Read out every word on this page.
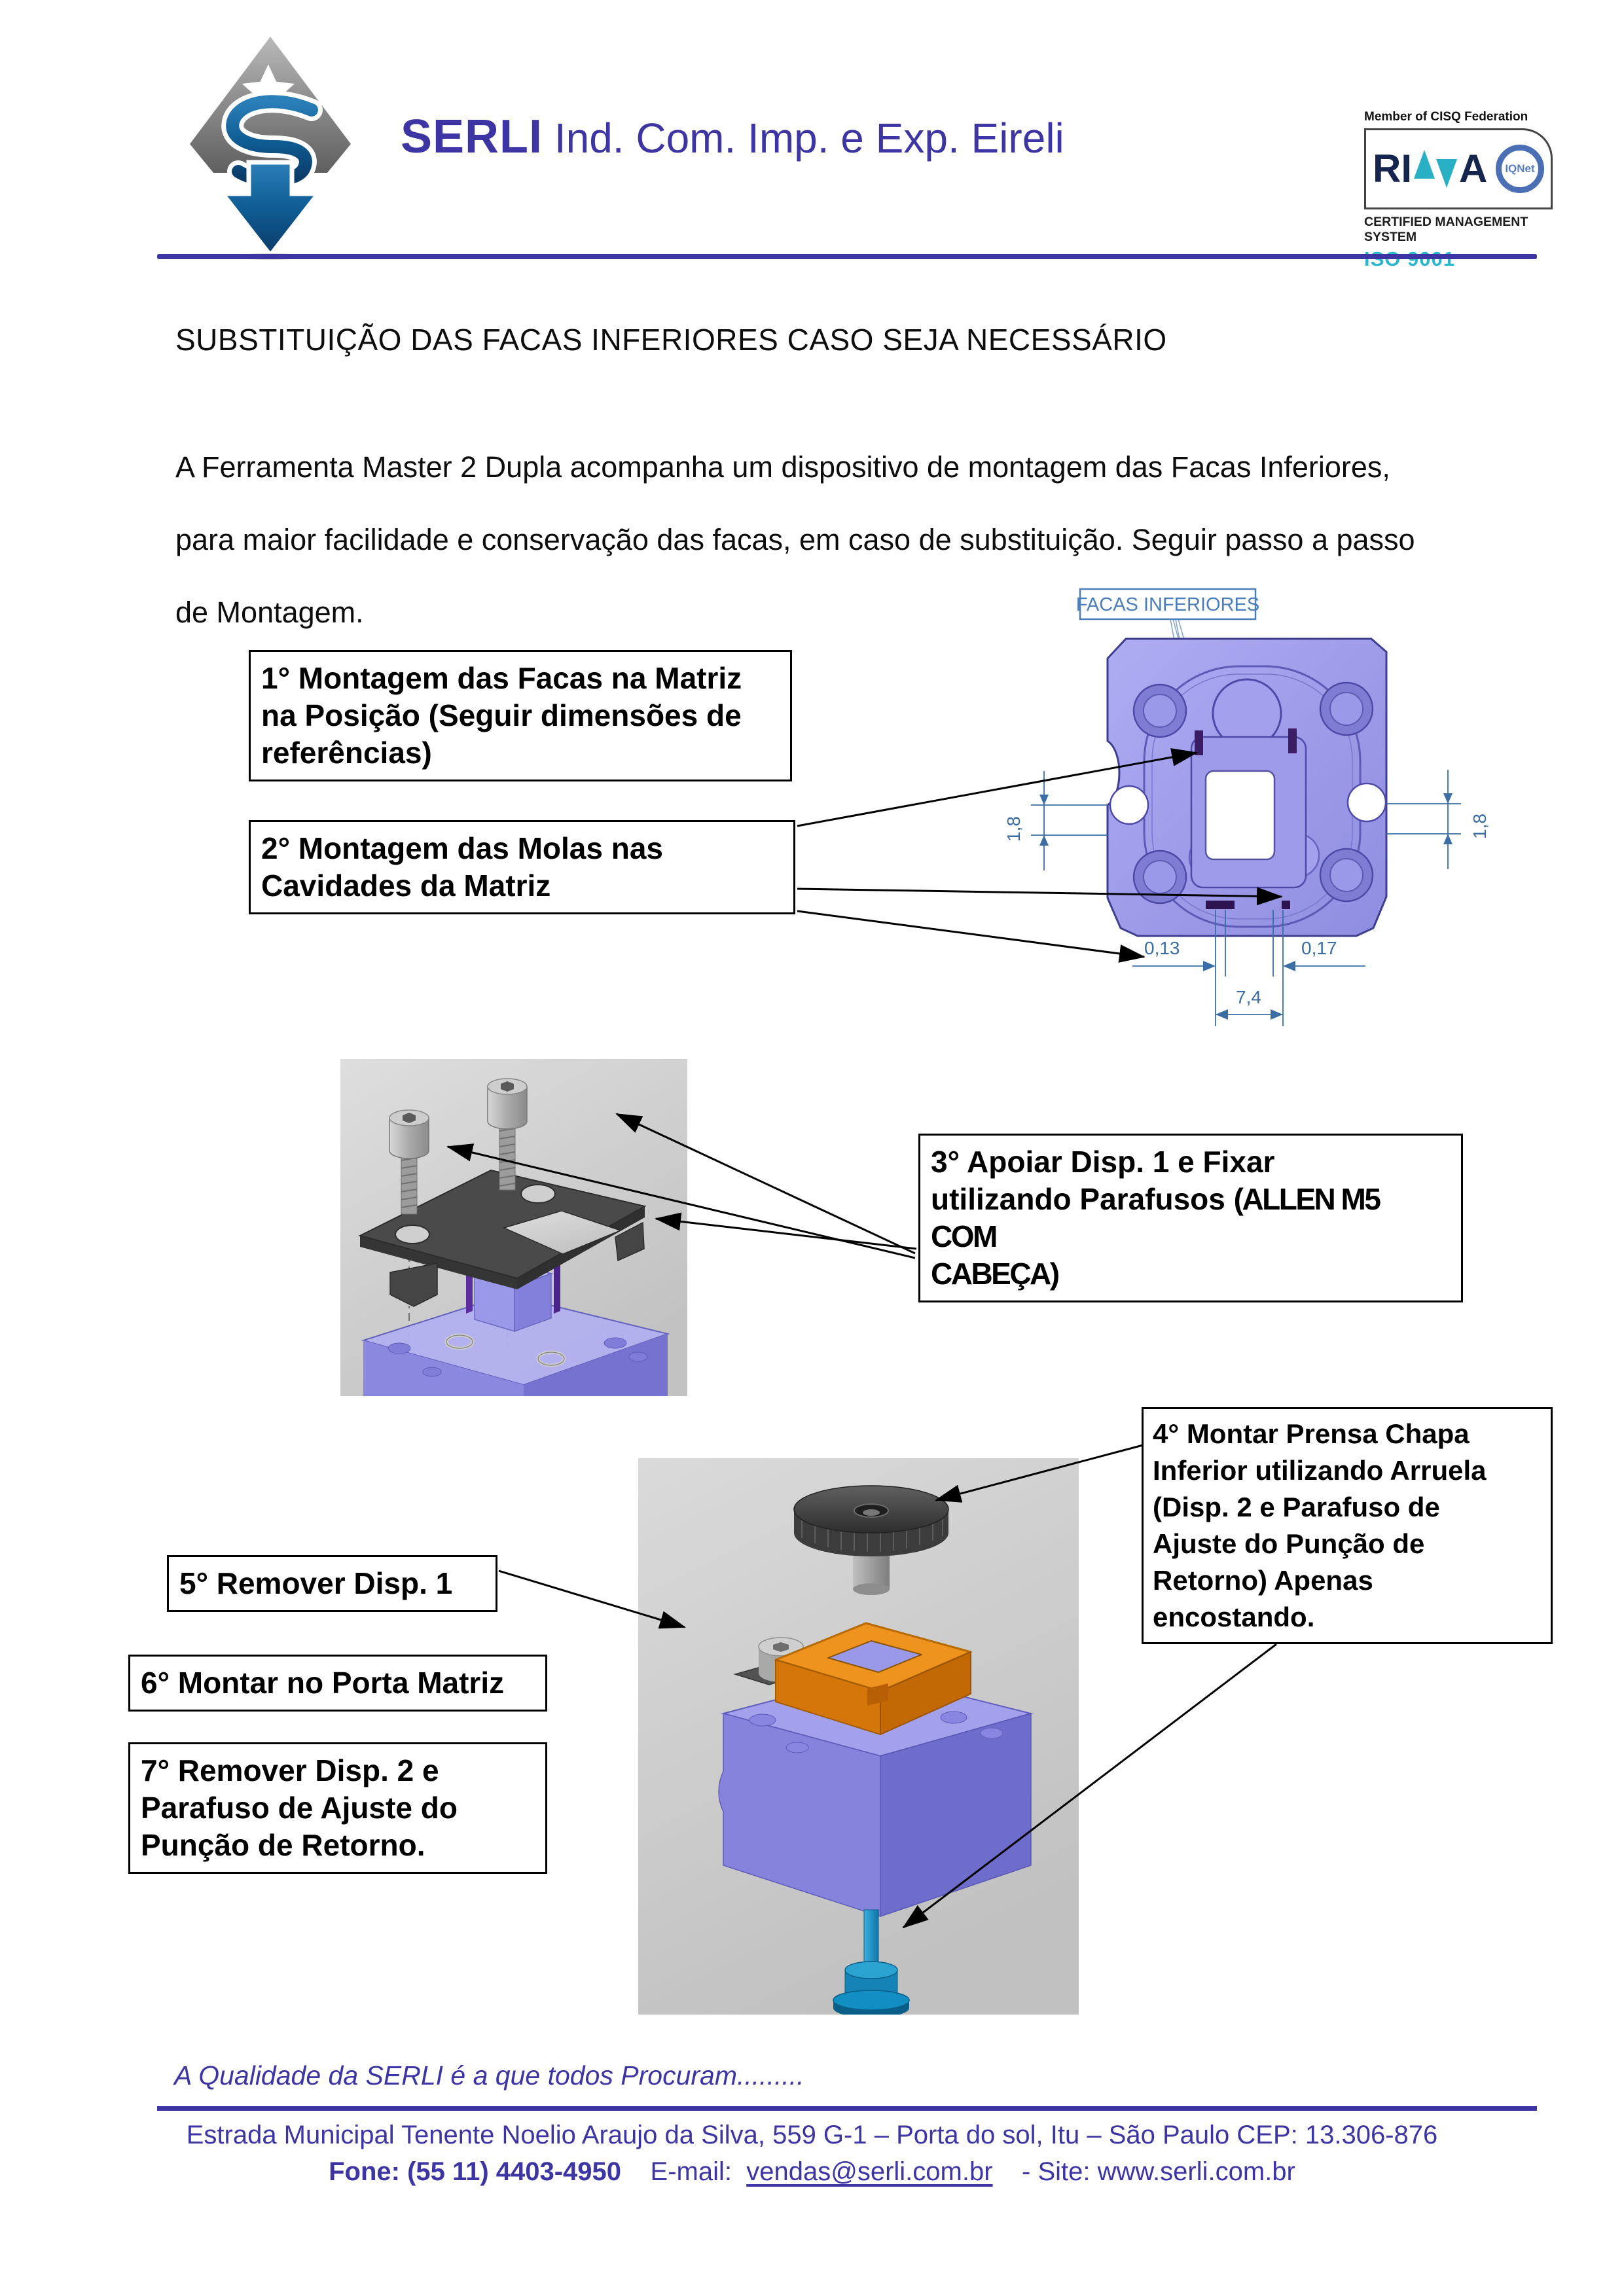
SERLI Ind. Com. Imp. e Exp. Eireli	Member of CISQ Federation
RI A IQNet
CERTIFIED MANAGEMENT SYSTEM
SUBSTITUIÇÃO DAS FACAS INFERIORES CASO SEJA NECESSÁRIO
A Ferramenta Master 2 Dupla acompanha um dispositivo de montagem das Facas Inferiores,
para maior facilidade e conservação das facas, em caso de substituição. Seguir passo a passo
de Montagem.
1° Montagem das Facas na Matriz
na Posição (Seguir dimensões de
referências)
2° Montagem das Molas nas
Cavidades da Matriz
3° Apoiar Disp. 1 e Fixar
utilizando Parafusos (ALLEN M5 COM
CABEÇA)
4° Montar Prensa Chapa
Inferior utilizando Arruela
(Disp. 2 e Parafuso de
Ajuste do Punção de
Retorno) Apenas
encostando.
5° Remover Disp. 1
6° Montar no Porta Matriz
7° Remover Disp. 2 e
Parafuso de Ajuste do
Punção de Retorno.
1,8	1,8
0,13	0,17
7,4
FACAS INFERIORES
A Qualidade da SERLI é a que todos Procuram.........
Estrada Municipal Tenente Noelio Araujo da Silva, 559 G-1 – Porta do sol, Itu – São Paulo CEP: 13.306-876
Fone: (55 11) 4403-4950 E-mail: vendas@serli.com.br - Site: www.serli.com.br
